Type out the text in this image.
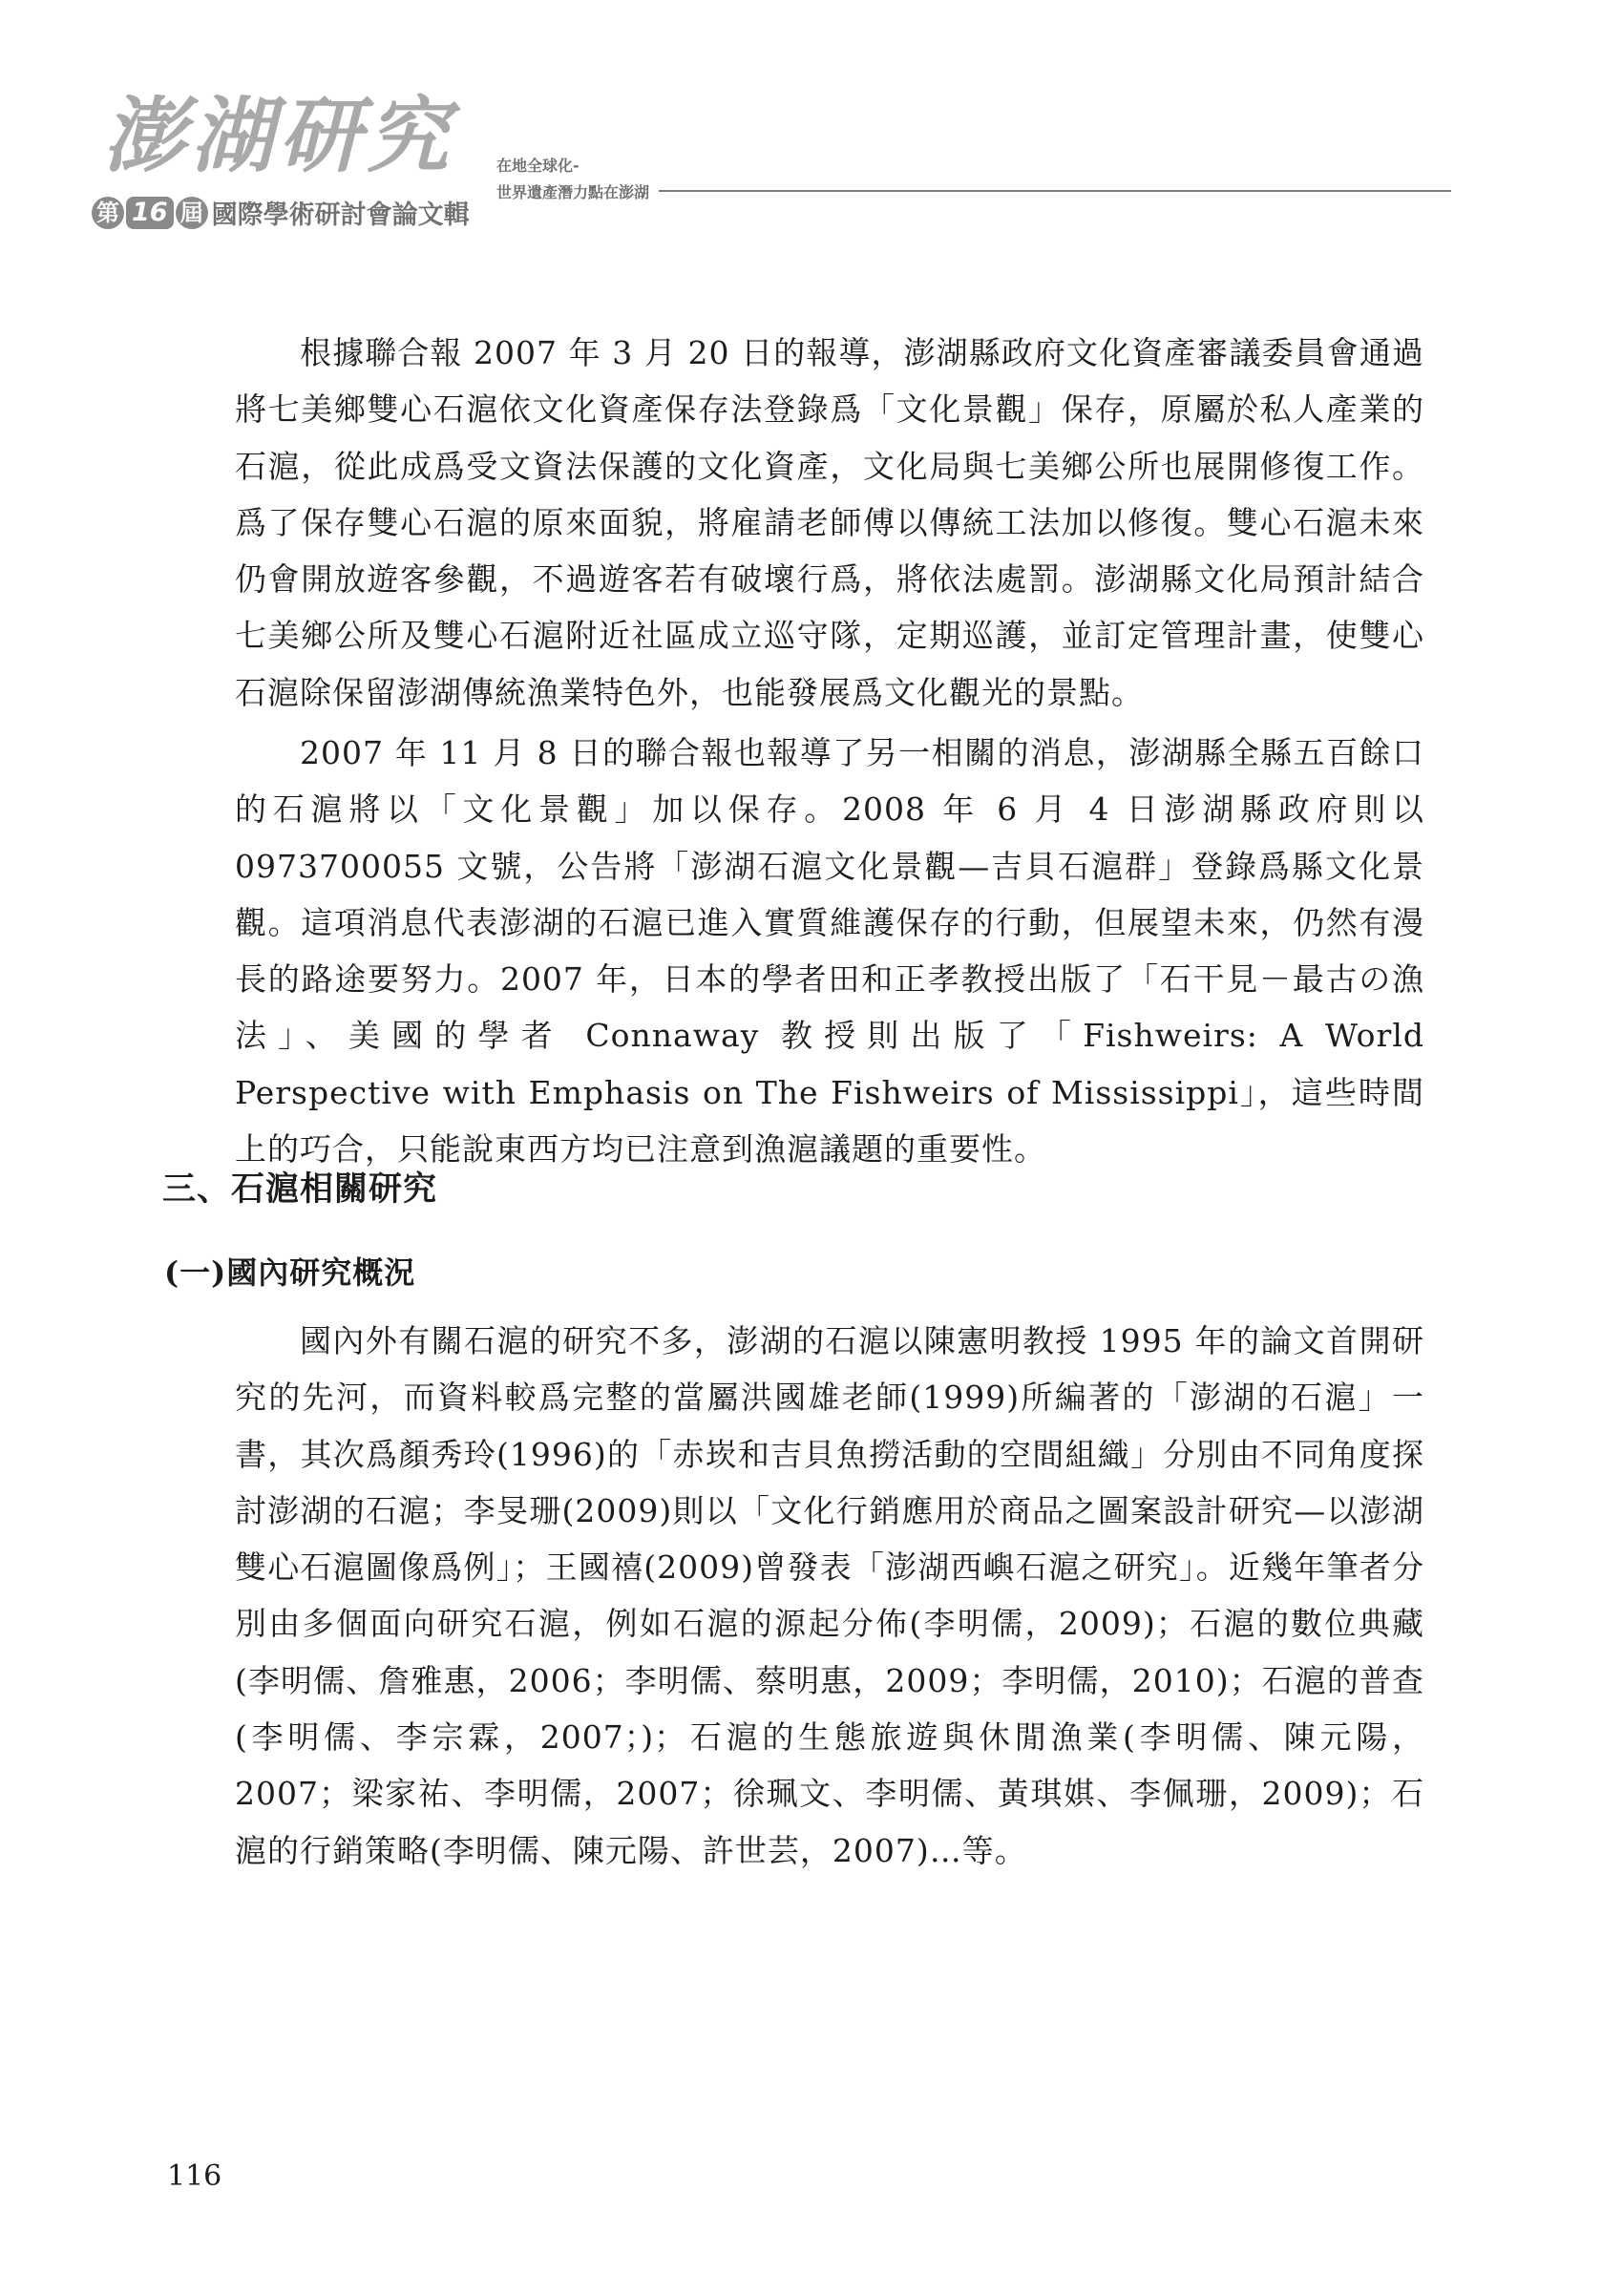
澎湖研究
第 16 屆 國際學術研討會論文輯
在地全球化-
世界遺產潛力點在澎湖
根據聯合報 2007 年 3 月 20 日的報導，澎湖縣政府文化資產審議委員會通過將七美鄉雙心石滬依文化資產保存法登錄爲「文化景觀」保存，原屬於私人產業的石滬，從此成爲受文資法保護的文化資產，文化局與七美鄉公所也展開修復工作。爲了保存雙心石滬的原來面貌，將雇請老師傅以傳統工法加以修復。雙心石滬未來仍會開放遊客參觀，不過遊客若有破壞行爲，將依法處罰。澎湖縣文化局預計結合七美鄉公所及雙心石滬附近社區成立巡守隊，定期巡護，並訂定管理計畫，使雙心石滬除保留澎湖傳統漁業特色外，也能發展爲文化觀光的景點。
2007 年 11 月 8 日的聯合報也報導了另一相關的消息，澎湖縣全縣五百餘口的石滬將以「文化景觀」加以保存。2008 年 6 月 4 日澎湖縣政府則以 0973700055 文號，公告將「澎湖石滬文化景觀—吉貝石滬群」登錄爲縣文化景觀。這項消息代表澎湖的石滬已進入實質維護保存的行動，但展望未來，仍然有漫長的路途要努力。2007 年，日本的學者田和正孝教授出版了「石干見－最古の漁法」、美國的學者 Connaway 教授則出版了「Fishweirs: A World Perspective with Emphasis on The Fishweirs of Mississippi」，這些時間上的巧合，只能說東西方均已注意到漁滬議題的重要性。
三、石滬相關研究
(一)國內研究概況
國內外有關石滬的研究不多，澎湖的石滬以陳憲明教授 1995 年的論文首開研究的先河，而資料較爲完整的當屬洪國雄老師(1999)所編著的「澎湖的石滬」一書，其次爲顏秀玲(1996)的「赤崁和吉貝魚撈活動的空間組織」分別由不同角度探討澎湖的石滬；李旻珊(2009)則以「文化行銷應用於商品之圖案設計研究—以澎湖雙心石滬圖像爲例」；王國禧(2009)曾發表「澎湖西嶼石滬之研究」。近幾年筆者分別由多個面向研究石滬，例如石滬的源起分佈(李明儒，2009)；石滬的數位典藏(李明儒、詹雅惠，2006；李明儒、蔡明惠，2009；李明儒，2010)；石滬的普查(李明儒、李宗霖，2007；)；石滬的生態旅遊與休閒漁業(李明儒、陳元陽，2007；梁家祐、李明儒，2007；徐珮文、李明儒、黃琪娸、李佩珊，2009)；石滬的行銷策略(李明儒、陳元陽、許世芸，2007)…等。
116
